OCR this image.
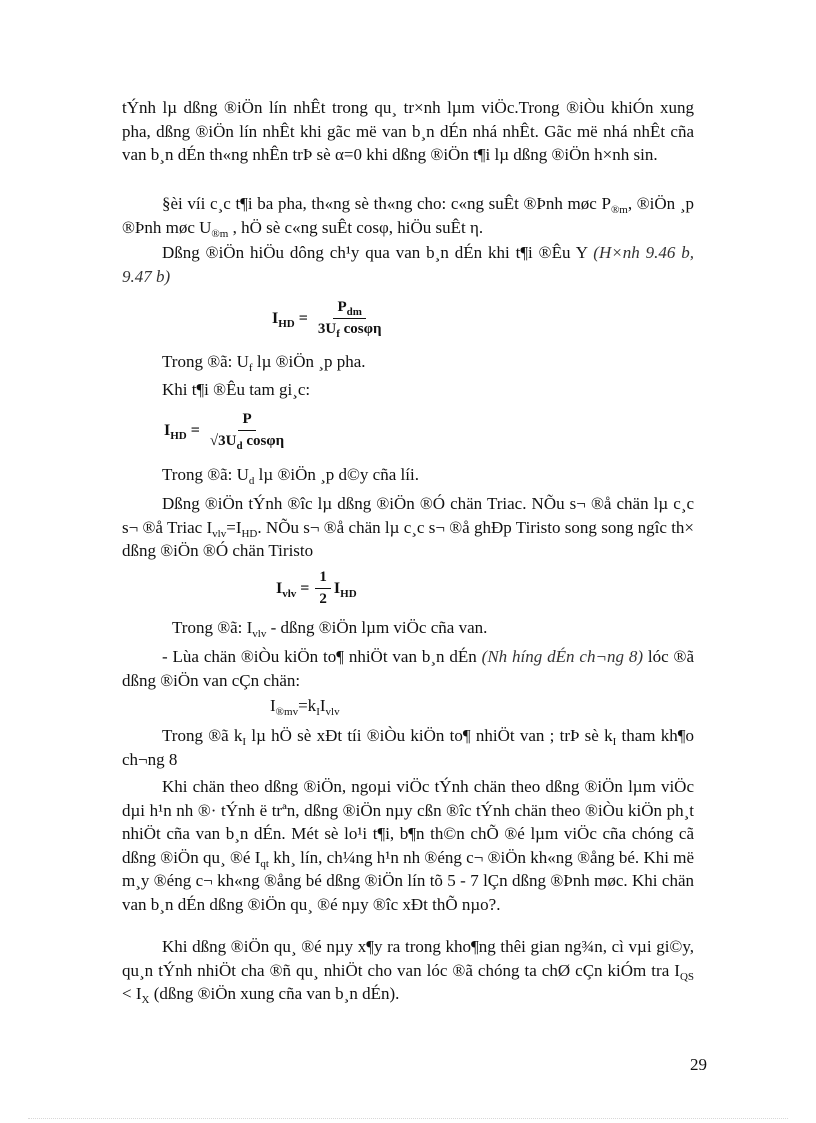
tÝnh lµ dßng ®iÖn lín nhÊt trong qu¸ tr×nh lµm viÖc.Trong ®iÒu khiÓn xung pha, dßng ®iÖn lín nhÊt khi gãc më van b¸n dÉn nhá nhÊt. Gãc më nhá nhÊt cña van b¸n dÉn th«ng nhÊn trÞ sè α=0 khi dßng ®iÖn t¶i lµ dßng ®iÖn h×nh sin.

§èi víi c¸c t¶i ba pha, th«ng sè th«ng cho: c«ng suÊt ®Þnh møc $P_{®m}$, ®iÖn ¸p ®Þnh møc $U_{®m}$ , hÖ sè c«ng suÊt cosφ, hiÖu suÊt η.

Dßng ®iÖn hiÖu dông ch¹y qua van b¸n dÉn khi t¶i ®Êu Y (H×nh 9.46 b, 9.47 b)

$I_{HD} = \frac{P_{dm}}{3U_f \cos\varphi\eta}$

Trong ®ã: $U_f$ lµ ®iÖn ¸p pha.

Khi t¶i ®Êu tam gi¸c:

$I_{HD} = \frac{P}{√3U_d \cos\varphi\eta}$

Trong ®ã: $U_d$ lµ ®iÖn ¸p d©y cña líi.

Dßng ®iÖn tÝnh ®îc lµ dßng ®iÖn ®Ó chän Triac. NÕu s¬ ®å chän lµ c¸c s¬ ®å Triac $I_{vlv}=I_{HD}$. NÕu s¬ ®å chän lµ c¸c s¬ ®å ghÐp Tiristo song song ngîc th× dßng ®iÖn ®Ó chän Tiristo

$I_{vlv} = \frac{1}{2} I_{HD}$

Trong ®ã: $I_{vlv}$ - dßng ®iÖn lµm viÖc cña van.

- Lùa chän ®iÒu kiÖn to¶ nhiÖt van b¸n dÉn (Nh híng dÉn ch¬ng 8) lóc ®ã dßng ®iÖn van cÇn chän:

$I_{®mv}=k_II_{vlv}$

Trong ®ã $k_I$ lµ hÖ sè xÐt tíi ®iÒu kiÖn to¶ nhiÖt van ; trÞ sè $k_I$ tham kh¶o ch¬ng 8

Khi chän theo dßng ®iÖn, ngoµi viÖc tÝnh chän theo dßng ®iÖn lµm viÖc dµi h¹n nh ®· tÝnh ë trªn, dßng ®iÖn nµy cßn ®îc tÝnh chän theo ®iÒu kiÖn ph¸t nhiÖt cña van b¸n dÉn. Mét sè lo¹i t¶i, b¶n th©n chÕ ®é lµm viÖc cña chóng cã dßng ®iÖn qu¸ ®é $I_{qt}$ kh¸ lín, ch¼ng h¹n nh ®éng c¬ ®iÖn kh«ng ®ång bé. Khi më m¸y ®éng c¬ kh«ng ®ång bé dßng ®iÖn lín tõ 5 - 7 lÇn dßng ®Þnh møc. Khi chän van b¸n dÉn dßng ®iÖn qu¸ ®é nµy ®îc xÐt thÕ nµo?.

Khi dßng ®iÖn qu¸ ®é nµy x¶y ra trong kho¶ng thêi gian ng¾n, cì vµi gi©y, qu¸n tÝnh nhiÖt cha ®ñ qu¸ nhiÖt cho van lóc ®ã chóng ta chØ cÇn kiÓm tra $I_{QS} < I_X$ (dßng ®iÖn xung cña van b¸n dÉn).

29
